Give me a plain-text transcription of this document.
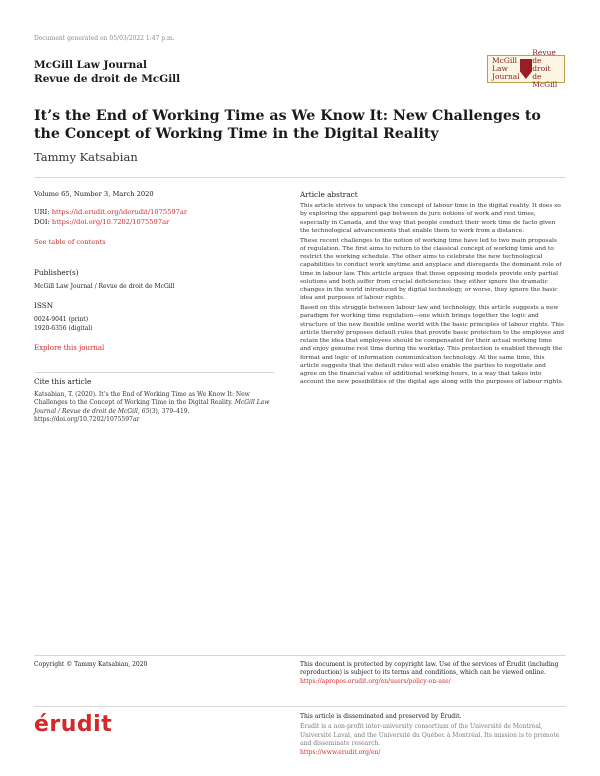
Document generated on 05/03/2022 1:47 p.m.
McGill Law Journal
Revue de droit de McGill
McGill
Law
Journal
Revue de
droit de
McGill
It’s the End of Working Time as We Know It: New Challenges to the Concept of Working Time in the Digital Reality
Tammy Katsabian
Volume 65, Number 3, March 2020
URI: https://id.erudit.org/iderudit/1075597ar
DOI: https://doi.org/10.7202/1075597ar
See table of contents
Publisher(s)
McGill Law Journal / Revue de droit de McGill
ISSN
0024-9041 (print)
1920-6356 (digital)
Explore this journal
Cite this article
Katsabian, T. (2020). It’s the End of Working Time as We Know It: New
Challenges to the Concept of Working Time in the Digital Reality. McGill Law
Journal / Revue de droit de McGill, 65(3), 379–419.
https://doi.org/10.7202/1075597ar
Article abstract

This article strives to unpack the concept of labour time in the digital reality. It does so by exploring the apparent gap between de jure notions of work and rest times, especially in Canada, and the way that people conduct their work time de facto given the technological advancements that enable them to work from a distance.

These recent challenges to the notion of working time have led to two main proposals of regulation. The first aims to return to the classical concept of working time and to restrict the working schedule. The other aims to celebrate the new technological capabilities to conduct work anytime and anyplace and disregards the dominant role of time in labour law. This article argues that these opposing models provide only partial solutions and both suffer from crucial deficiencies: they either ignore the dramatic changes in the world introduced by digital technology, or worse, they ignore the basic idea and purposes of labour rights.

Based on this struggle between labour law and technology, this article suggests a new paradigm for working time regulation—one which brings together the logic and structure of the new flexible online world with the basic principles of labour rights. This article thereby proposes default rules that provide basic protection to the employee and retain the idea that employees should be compensated for their actual working time and enjoy genuine rest time during the workday. This protection is enabled through the format and logic of information communication technology. At the same time, this article suggests that the default rules will also enable the parties to negotiate and agree on the financial value of additional working hours, in a way that takes into account the new possibilities of the digital age along with the purposes of labour rights.

Copyright © Tammy Katsabian, 2020	This document is protected by copyright law. Use of the services of Érudit (including reproduction) is subject to its terms and conditions, which can be viewed online.
https://apropos.erudit.org/en/users/policy-on-use/
érudit	This article is disseminated and preserved by Érudit.
Érudit is a non-profit inter-university consortium of the Université de Montréal, Université Laval, and the Université du Québec à Montréal. Its mission is to promote and disseminate research.
https://www.erudit.org/en/
